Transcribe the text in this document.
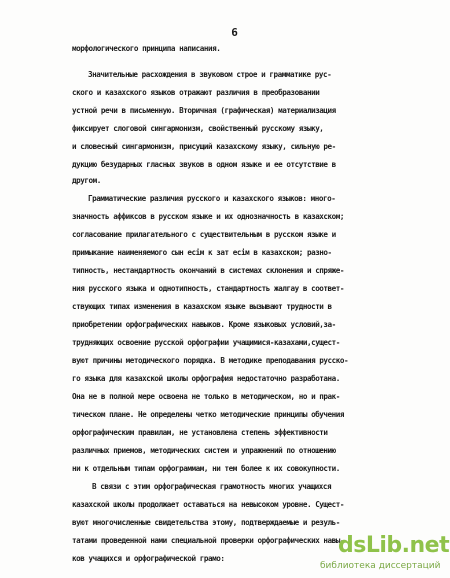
6
морфологического принципа написания.
Значительные расхождения в звуковом строе и грамматике рус-
ского и казахского языков отражают различия в преобразовании
устной речи в письменную. Вторичная (графическая) материализация
фиксирует слоговой сингармонизм, свойственный русскому языку,
и словесный сингармонизм, присущий казахскому языку, сильную ре-
дукцию безударных гласных звуков в одном языке и ее отсутствие в
другом.
Грамматические различия русского и казахского языков: много-
значность аффиксов в русском языке и их однозначность в казахском;
согласование прилагательного с существительным в русском языке и
примыкание наименяемого сын есім к зат есім в казахском; разно-
типность, нестандартность окончаний в системах склонения и спряже-
ния русского языка и однотипность, стандартность жалгау в соответ-
ствующих типах изменения в казахском языке вызывают трудности в
приобретении орфографических навыков. Кроме языковых условий,за-
трудняющих освоение русской орфографии учащимися-казахами,сущест-
вуют причины методического порядка. В методике преподавания русско-
го языка для казахской школы орфография недостаточно разработана.
Она не в полной мере освоена не только в методическом, но и прак-
тическом плане. Не определены четко методические принципы обучения
орфографическим правилам, не установлена степень эффективности
различных приемов, методических систем и упражнений по отношению
ни к отдельным типам орфограммам, ни тем более к их совокупности.
В связи с этим орфографическая грамотность многих учащихся
казахской школы продолжает оставаться на невысоком уровне. Сущест-
вуют многочисленные свидетельства этому, подтверждаемые и резуль-
татами проведенной нами специальной проверки орфографических навы-
ков учащихся и орфографической грамо:
dsLib.net
библиотека диссертаций
